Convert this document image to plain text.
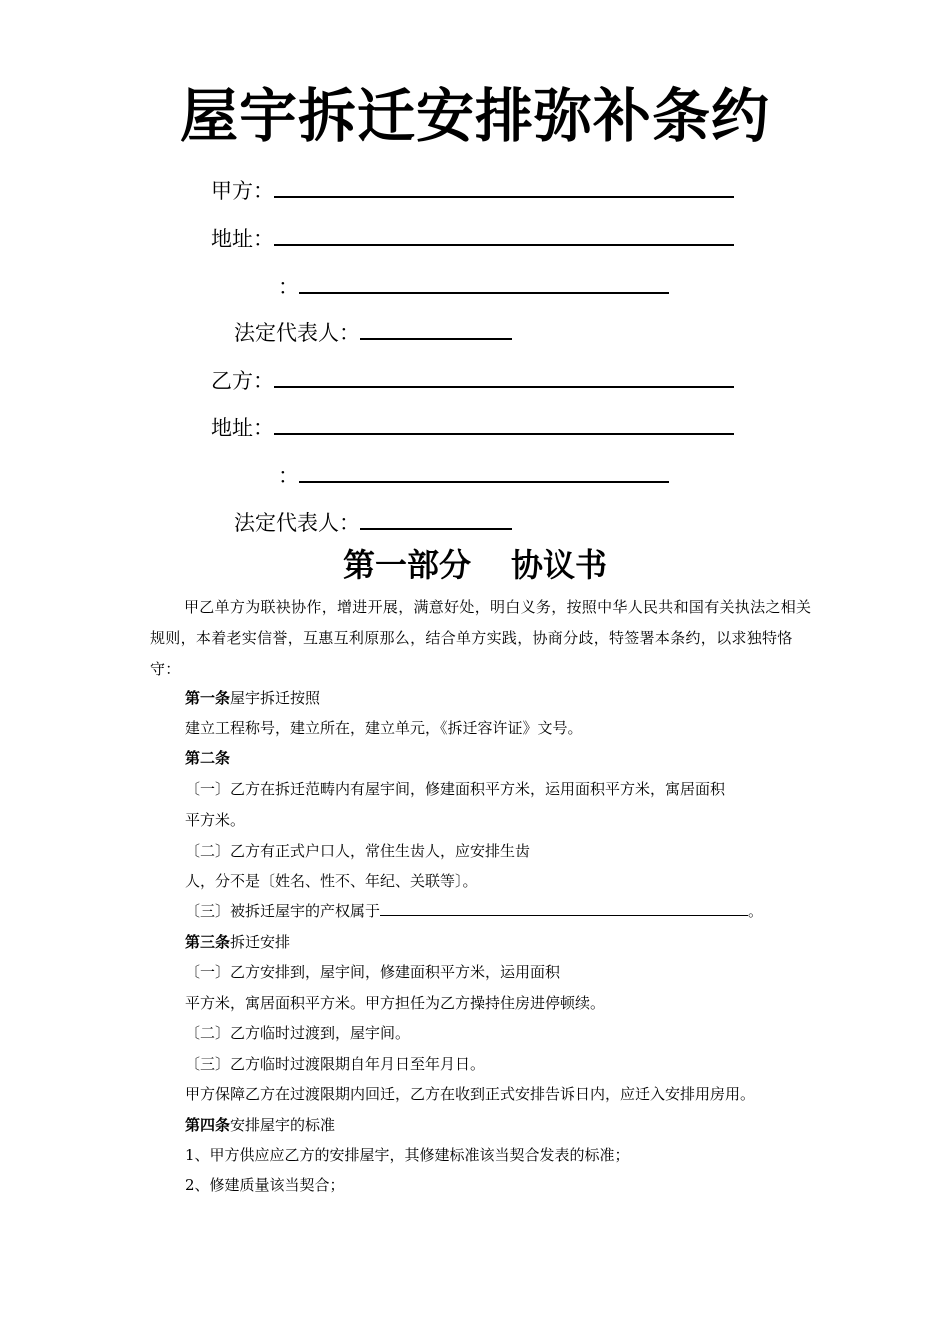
屋宇拆迁安排弥补条约
甲方：
地址：
：
法定代表人：
乙方：
地址：
：
法定代表人：
第一部分 协议书
甲乙单方为联袂协作，增进开展，满意好处，明白义务，按照中华人民共和国有关执法之相关规则，本着老实信誉，互惠互利原那么，结合单方实践，协商分歧，特签署本条约，以求独特恪守：
第一条屋宇拆迁按照
建立工程称号，建立所在，建立单元，《拆迁容许证》文号。
第二条
〔一〕乙方在拆迁范畴内有屋宇间，修建面积平方米，运用面积平方米，寓居面积
平方米。
〔二〕乙方有正式户口人，常住生齿人，应安排生齿
人，分不是〔姓名、性不、年纪、关联等〕。
〔三〕被拆迁屋宇的产权属于	。
第三条拆迁安排
〔一〕乙方安排到，屋宇间，修建面积平方米，运用面积
平方米，寓居面积平方米。甲方担任为乙方操持住房进停顿续。
〔二〕乙方临时过渡到，屋宇间。
〔三〕乙方临时过渡限期自年月日至年月日。
甲方保障乙方在过渡限期内回迁，乙方在收到正式安排告诉日内，应迁入安排用房用。
第四条安排屋宇的标准
1、甲方供应应乙方的安排屋宇，其修建标准该当契合发表的标准；
2、修建质量该当契合；
